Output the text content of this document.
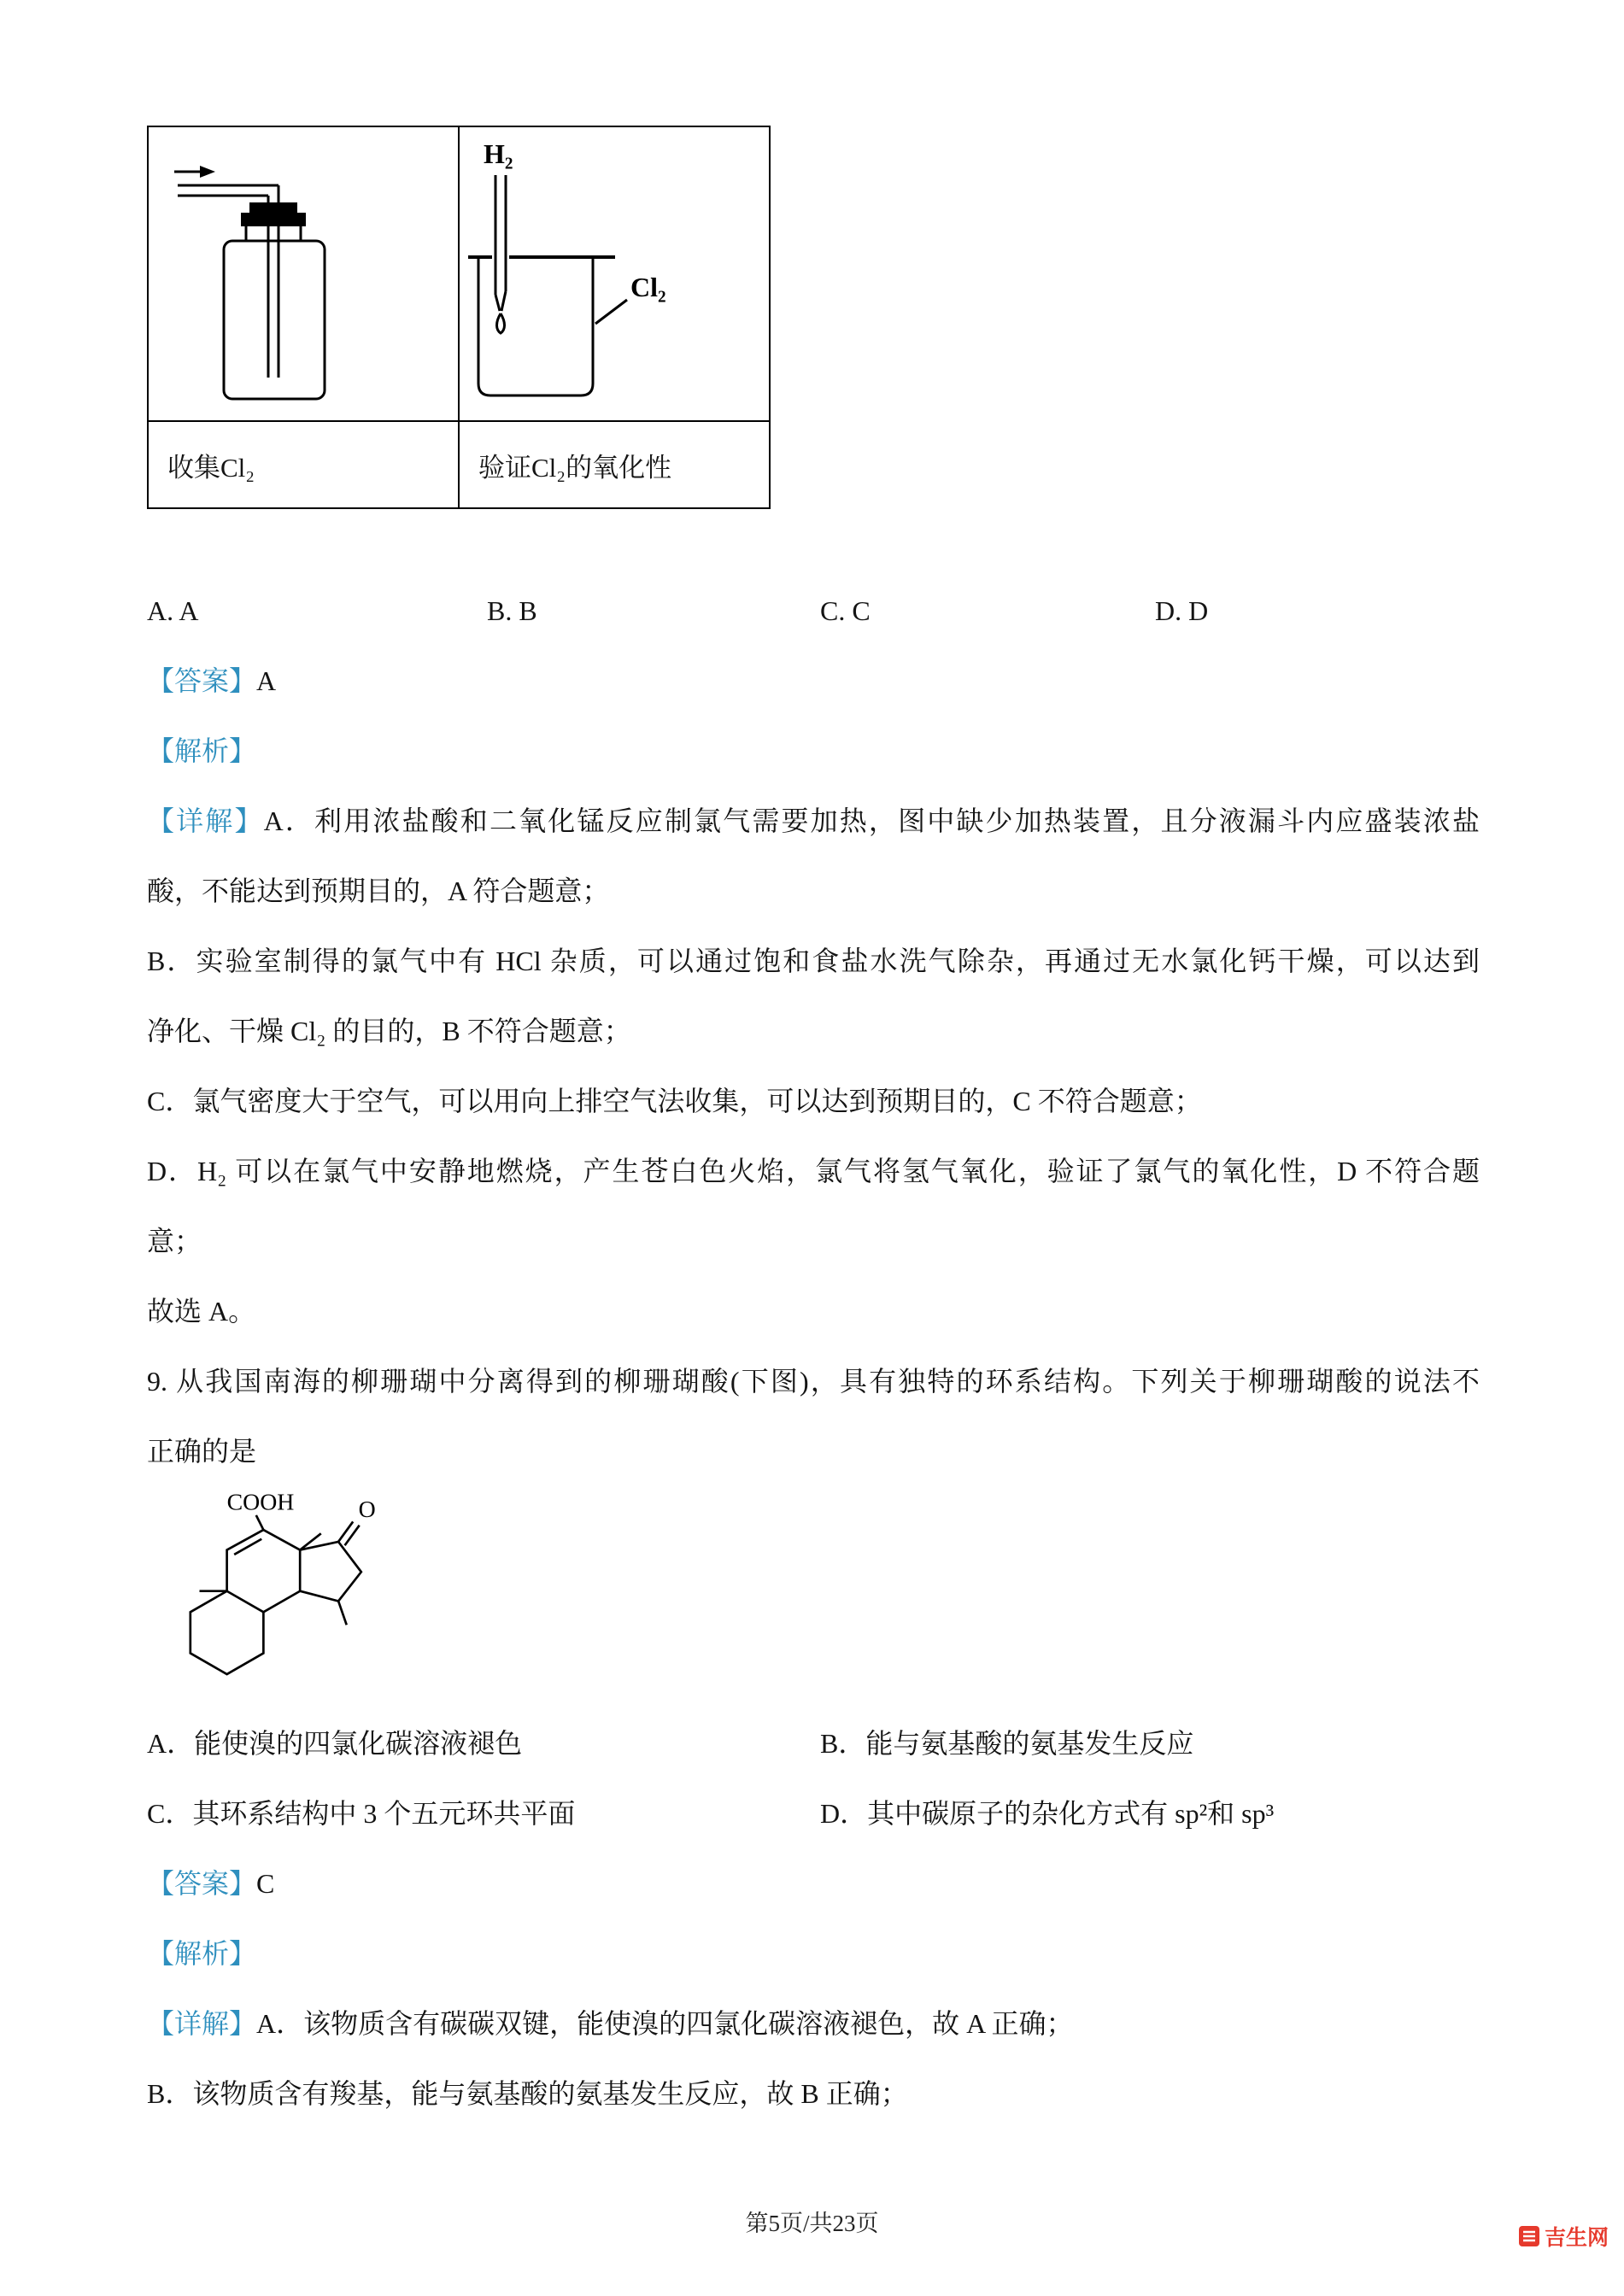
H₂
Cl₂

收集Cl₂	验证Cl₂的氧化性
A. A	B. B	C. C	D. D
【答案】A
【解析】
【详解】A．利用浓盐酸和二氧化锰反应制氯气需要加热，图中缺少加热装置，且分液漏斗内应盛装浓盐
酸，不能达到预期目的，A 符合题意；
B．实验室制得的氯气中有 HCl 杂质，可以通过饱和食盐水洗气除杂，再通过无水氯化钙干燥，可以达到
净化、干燥 Cl₂ 的目的，B 不符合题意；
C．氯气密度大于空气，可以用向上排空气法收集，可以达到预期目的，C 不符合题意；
D．H₂ 可以在氯气中安静地燃烧，产生苍白色火焰，氯气将氢气氧化，验证了氯气的氧化性，D 不符合题
意；
故选 A。
9. 从我国南海的柳珊瑚中分离得到的柳珊瑚酸(下图)，具有独特的环系结构。下列关于柳珊瑚酸的说法不
正确的是
COOH	O
A．能使溴的四氯化碳溶液褪色	B．能与氨基酸的氨基发生反应
C．其环系结构中 3 个五元环共平面	D．其中碳原子的杂化方式有 sp²和 sp³
【答案】C
【解析】
【详解】A．该物质含有碳碳双键，能使溴的四氯化碳溶液褪色，故 A 正确；
B．该物质含有羧基，能与氨基酸的氨基发生反应，故 B 正确；
第5页/共23页
吉生网
